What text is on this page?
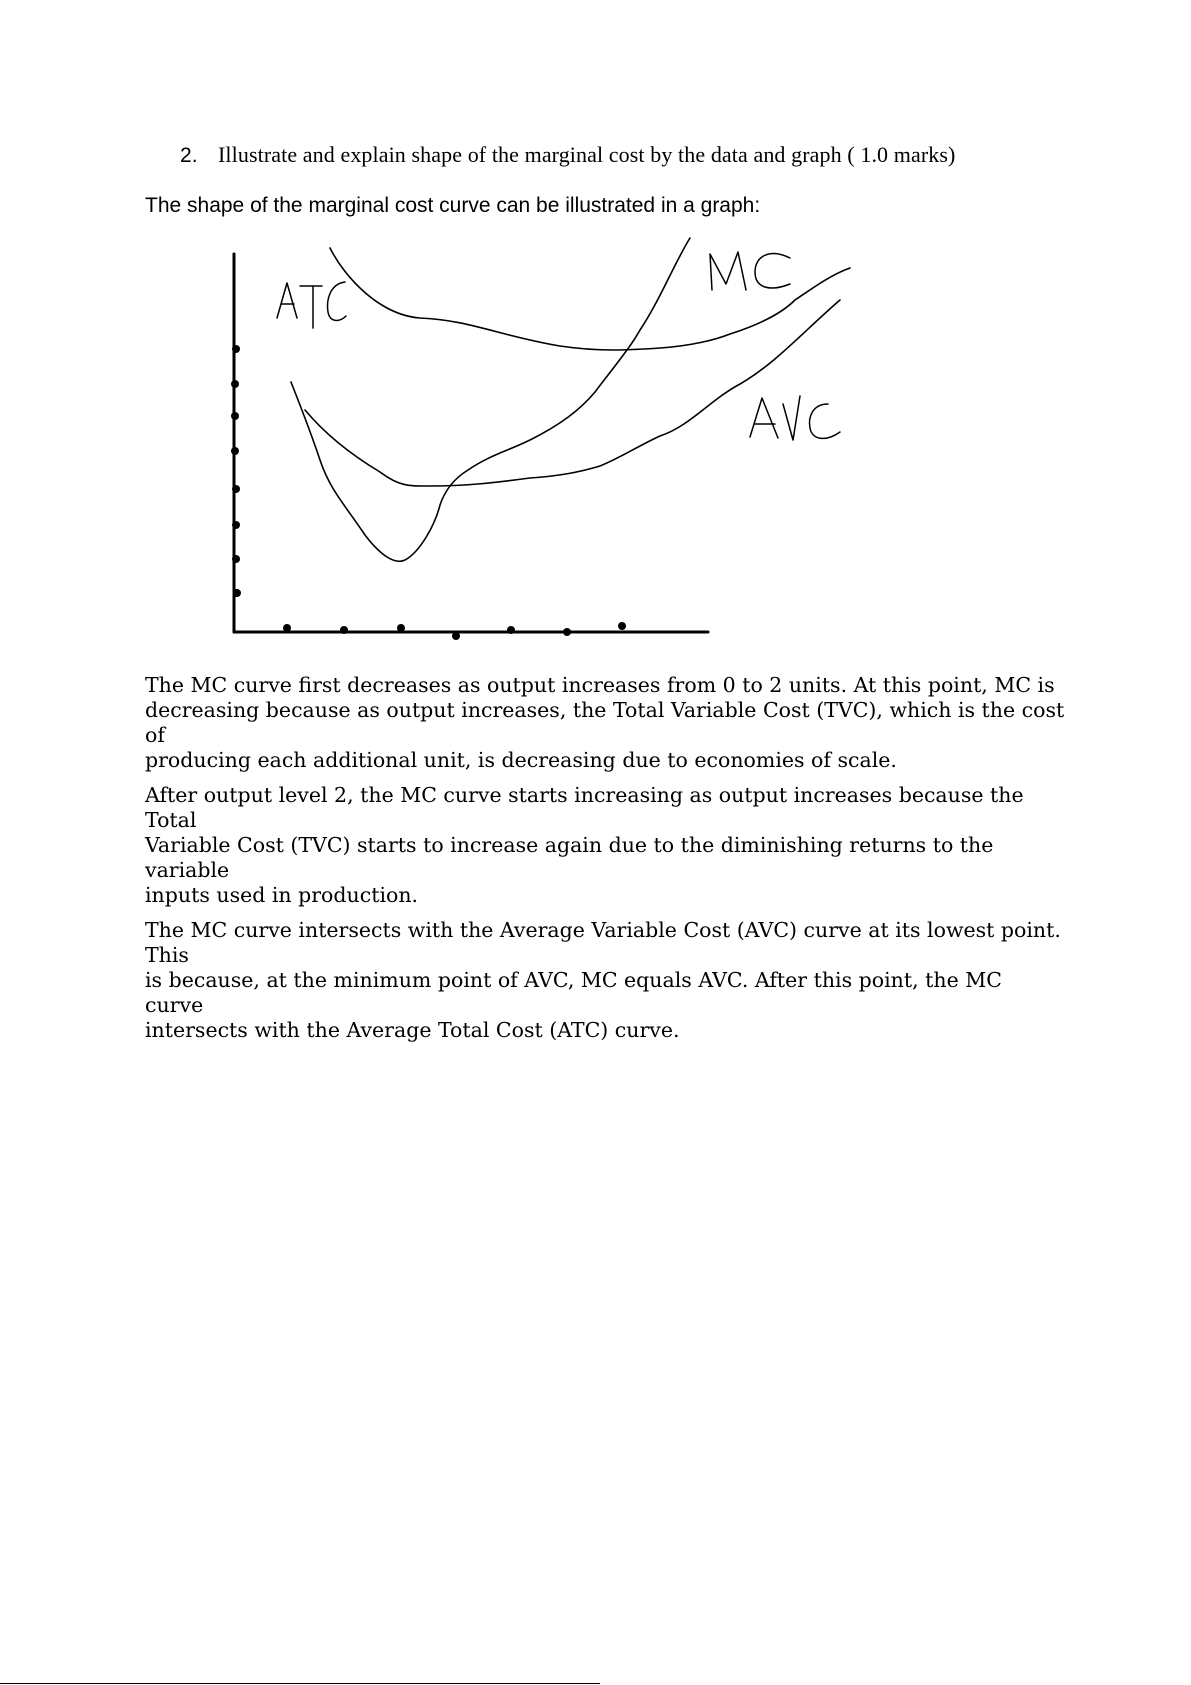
2. Illustrate and explain shape of the marginal cost by the data and graph ( 1.0 marks)
The shape of the marginal cost curve can be illustrated in a graph:

The MC curve first decreases as output increases from 0 to 2 units. At this point, MC is
decreasing because as output increases, the Total Variable Cost (TVC), which is the cost of
producing each additional unit, is decreasing due to economies of scale.

After output level 2, the MC curve starts increasing as output increases because the Total
Variable Cost (TVC) starts to increase again due to the diminishing returns to the variable
inputs used in production.

The MC curve intersects with the Average Variable Cost (AVC) curve at its lowest point. This
is because, at the minimum point of AVC, MC equals AVC. After this point, the MC curve
intersects with the Average Total Cost (ATC) curve.
